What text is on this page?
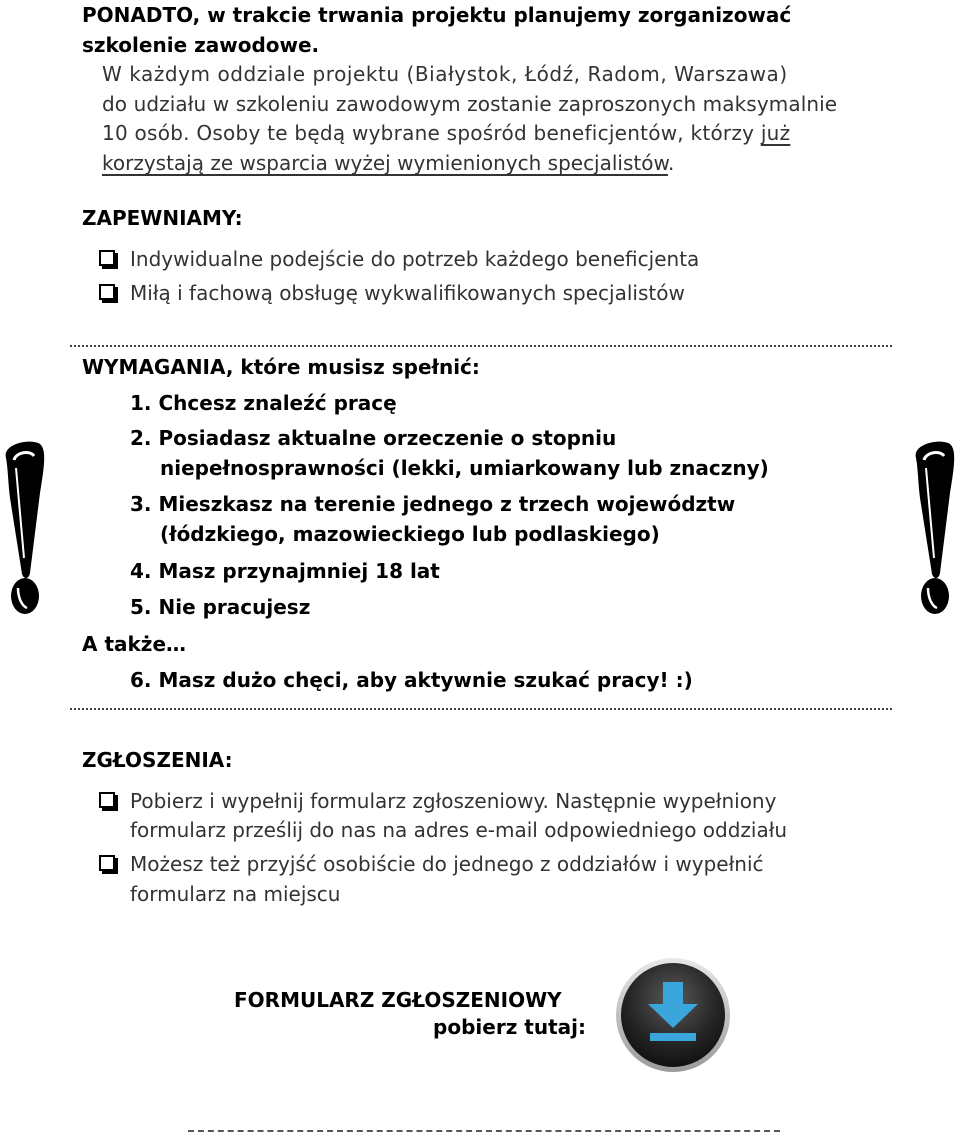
PONADTO, w trakcie trwania projektu planujemy zorganizować
szkolenie zawodowe.
W każdym oddziale projektu (Białystok, Łódź, Radom, Warszawa)
do udziału w szkoleniu zawodowym zostanie zaproszonych maksymalnie
10 osób. Osoby te będą wybrane spośród beneficjentów, którzy już
korzystają ze wsparcia wyżej wymienionych specjalistów.
ZAPEWNIAMY:
Indywidualne podejście do potrzeb każdego beneficjenta
Miłą i fachową obsługę wykwalifikowanych specjalistów
WYMAGANIA, które musisz spełnić:
1. Chcesz znaleźć pracę
2. Posiadasz aktualne orzeczenie o stopniu
niepełnosprawności (lekki, umiarkowany lub znaczny)
3. Mieszkasz na terenie jednego z trzech województw
(łódzkiego, mazowieckiego lub podlaskiego)
4. Masz przynajmniej 18 lat
5. Nie pracujesz
A także…
6. Masz dużo chęci, aby aktywnie szukać pracy! :)
ZGŁOSZENIA:
Pobierz i wypełnij formularz zgłoszeniowy. Następnie wypełniony
formularz prześlij do nas na adres e-mail odpowiedniego oddziału
Możesz też przyjść osobiście do jednego z oddziałów i wypełnić
formularz na miejscu
FORMULARZ ZGŁOSZENIOWY
pobierz tutaj:
